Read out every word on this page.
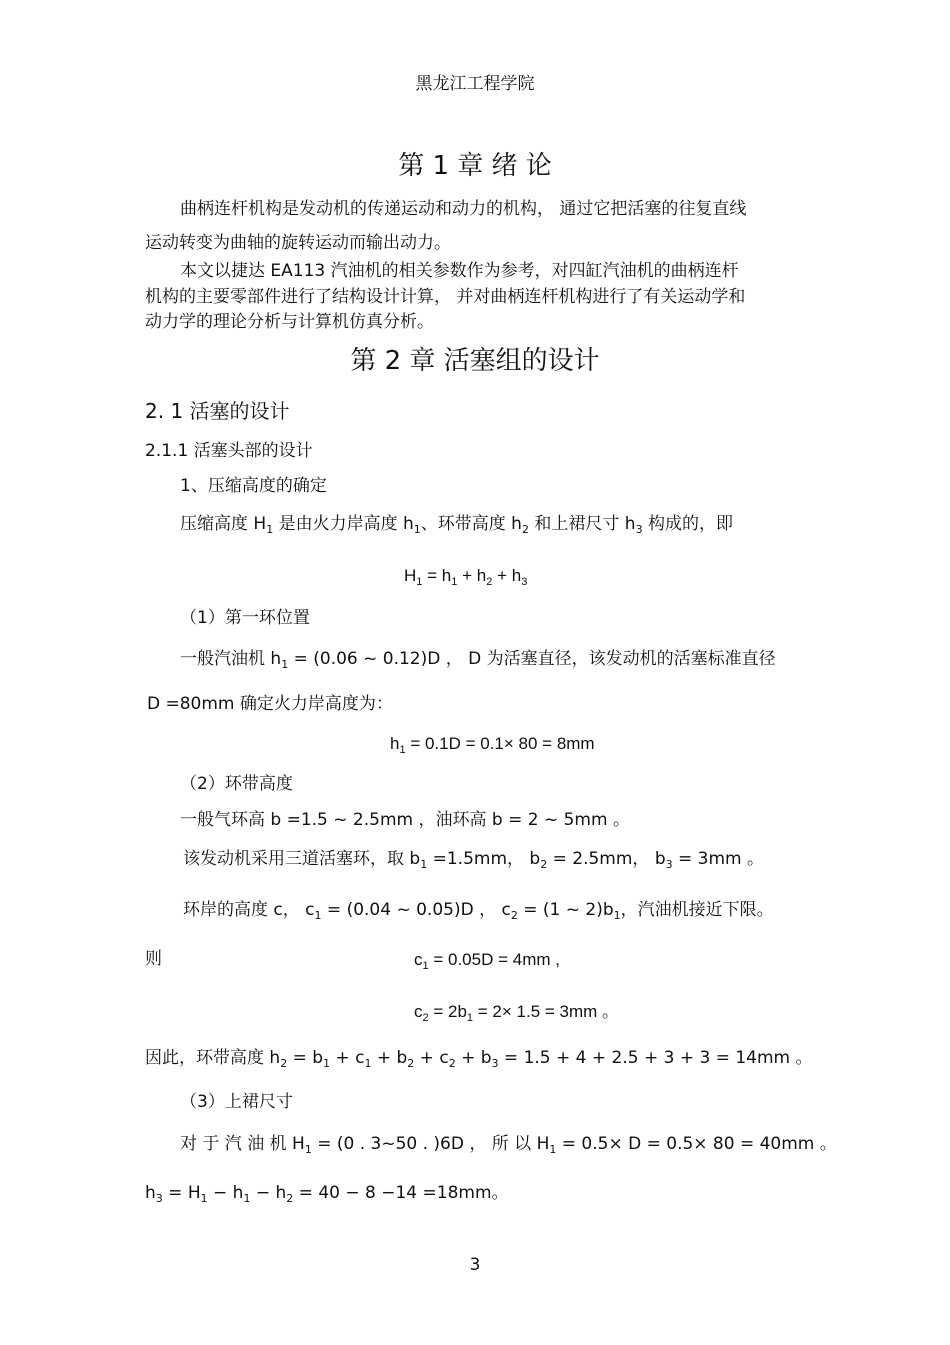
黑龙江工程学院
第 1 章 绪 论
曲柄连杆机构是发动机的传递运动和动力的机构， 通过它把活塞的往复直线
运动转变为曲轴的旋转运动而输出动力。
本文以捷达 EA113 汽油机的相关参数作为参考，对四缸汽油机的曲柄连杆
机构的主要零部件进行了结构设计计算， 并对曲柄连杆机构进行了有关运动学和
动力学的理论分析与计算机仿真分析。
第 2 章 活塞组的设计
2. 1 活塞的设计
2.1.1 活塞头部的设计
1、压缩高度的确定
压缩高度 $H_1$ 是由火力岸高度 $h_1$、环带高度 $h_2$ 和上裙尺寸 $h_3$ 构成的，即
$H_1 = h_1 + h_2 + h_3$
（1）第一环位置
一般汽油机 $h_1 = (0.06$ ~ 0.12)D ， D 为活塞直径，该发动机的活塞标准直径
D =80mm 确定火力岸高度为：
$h_1 = 0.1D = 0.1\times 80 = 8mm$
（2）环带高度
一般气环高 b =1.5 ~ 2.5mm ，油环高 b = 2 ~ 5mm 。
该发动机采用三道活塞环，取 $b_1 =1.5mm$， $b_2 = 2.5mm$， $b_3 = 3mm$ 。
环岸的高度 c， $c_1 = (0.04$ ~ 0.05)D ， $c_2 = (1$ ~ $2)b_1$，汽油机接近下限。
则	$c_1 = 0.05D = 4mm$ ,
$c_2 = 2b_1 = 2\times 1.5 = 3mm$ 。
因此，环带高度 $h_2 = b_1 + c_1 + b_2 + c_2 + b_3 = 1.5 + 4 + 2.5 + 3 + 3 = 14mm$ 。
（3）上裙尺寸
对 于 汽 油 机 $H_1 = (0$ . 3~50 . )6D ， 所 以 $H_1 = 0.5\times D = 0.5\times 80 = 40mm$ 。
$h_3 = H_1 - h_1 - h_2 = 40 - 8 -14 =18mm$。
3
